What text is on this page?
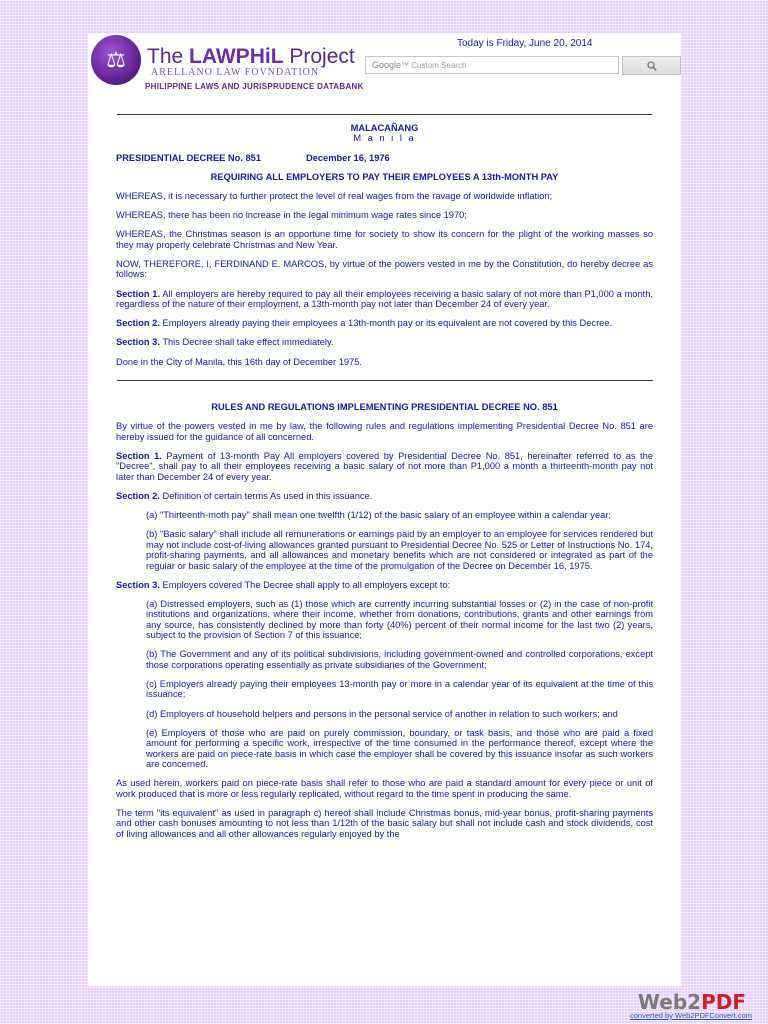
⚖	The LAWPHiL Project
ARELLANO LAW FOVNDATION
PHILIPPINE LAWS AND JURISPRUDENCE DATABANK
Today is Friday, June 20, 2014
Google™ Custom Search

MALACAÑANG

M a n i l a

PRESIDENTIAL DECREE No. 851	December 16, 1976

REQUIRING ALL EMPLOYERS TO PAY THEIR EMPLOYEES A 13th-MONTH PAY

WHEREAS, it is necessary to further protect the level of real wages from the ravage of worldwide inflation;

WHEREAS, there has been no increase in the legal minimum wage rates since 1970;

WHEREAS, the Christmas season is an opportune time for society to show its concern for the plight of the working masses so they may properly celebrate Christmas and New Year.

NOW, THEREFORE, I, FERDINAND E. MARCOS, by virtue of the powers vested in me by the Constitution, do hereby decree as follows:

Section 1. All employers are hereby required to pay all their employees receiving a basic salary of not more than P1,000 a month, regardless of the nature of their employment, a 13th-month pay not later than December 24 of every year.

Section 2. Employers already paying their employees a 13th-month pay or its equivalent are not covered by this Decree.

Section 3. This Decree shall take effect immediately.

Done in the City of Manila, this 16th day of December 1975.

RULES AND REGULATIONS IMPLEMENTING PRESIDENTIAL DECREE NO. 851

By virtue of the powers vested in me by law, the following rules and regulations implementing Presidential Decree No. 851 are hereby issued for the guidance of all concerned.

Section 1. Payment of 13-month Pay All employers covered by Presidential Decree No. 851, hereinafter referred to as the "Decree", shall pay to all their employees receiving a basic salary of not more than P1,000 a month a thirteenth-month pay not later than December 24 of every year.

Section 2. Definition of certain terms As used in this issuance.

(a) "Thirteenth-moth pay" shall mean one twelfth (1/12) of the basic salary of an employee within a calendar year;

(b) "Basic salary" shall include all remunerations or earnings paid by an employer to an employee for services rendered but may not include cost-of-living allowances granted pursuant to Presidential Decree No. 525 or Letter of Instructions No. 174, profit-sharing payments, and all allowances and monetary benefits which are not considered or integrated as part of the regular or basic salary of the employee at the time of the promulgation of the Decree on December 16, 1975.

Section 3. Employers covered The Decree shall apply to all employers except to:

(a) Distressed employers, such as (1) those which are currently incurring substantial losses or (2) in the case of non-profit institutions and organizations, where their income, whether from donations, contributions, grants and other earnings from any source, has consistently declined by more than forty (40%) percent of their normal income for the last two (2) years, subject to the provision of Section 7 of this issuance;

(b) The Government and any of its political subdivisions, including government-owned and controlled corporations, except those corporations operating essentially as private subsidiaries of the Government;

(c) Employers already paying their employees 13-month pay or more in a calendar year of its equivalent at the time of this issuance;

(d) Employers of household helpers and persons in the personal service of another in relation to such workers; and

(e) Employers of those who are paid on purely commission, boundary, or task basis, and those who are paid a fixed amount for performing a specific work, irrespective of the time consumed in the performance thereof, except where the workers are paid on piece-rate basis in which case the employer shall be covered by this issuance insofar as such workers are concerned.

As used herein, workers paid on piece-rate basis shall refer to those who are paid a standard amount for every piece or unit of work produced that is more or less regularly replicated, without regard to the time spent in producing the same.

The term "its equivalent" as used in paragraph c) hereof shall include Christmas bonus, mid-year bonus, profit-sharing payments and other cash bonuses amounting to not less than 1/12th of the basic salary but shall not include cash and stock dividends, cost of living allowances and all other allowances regularly enjoyed by the

Web2PDF
converted by Web2PDFConvert.com
